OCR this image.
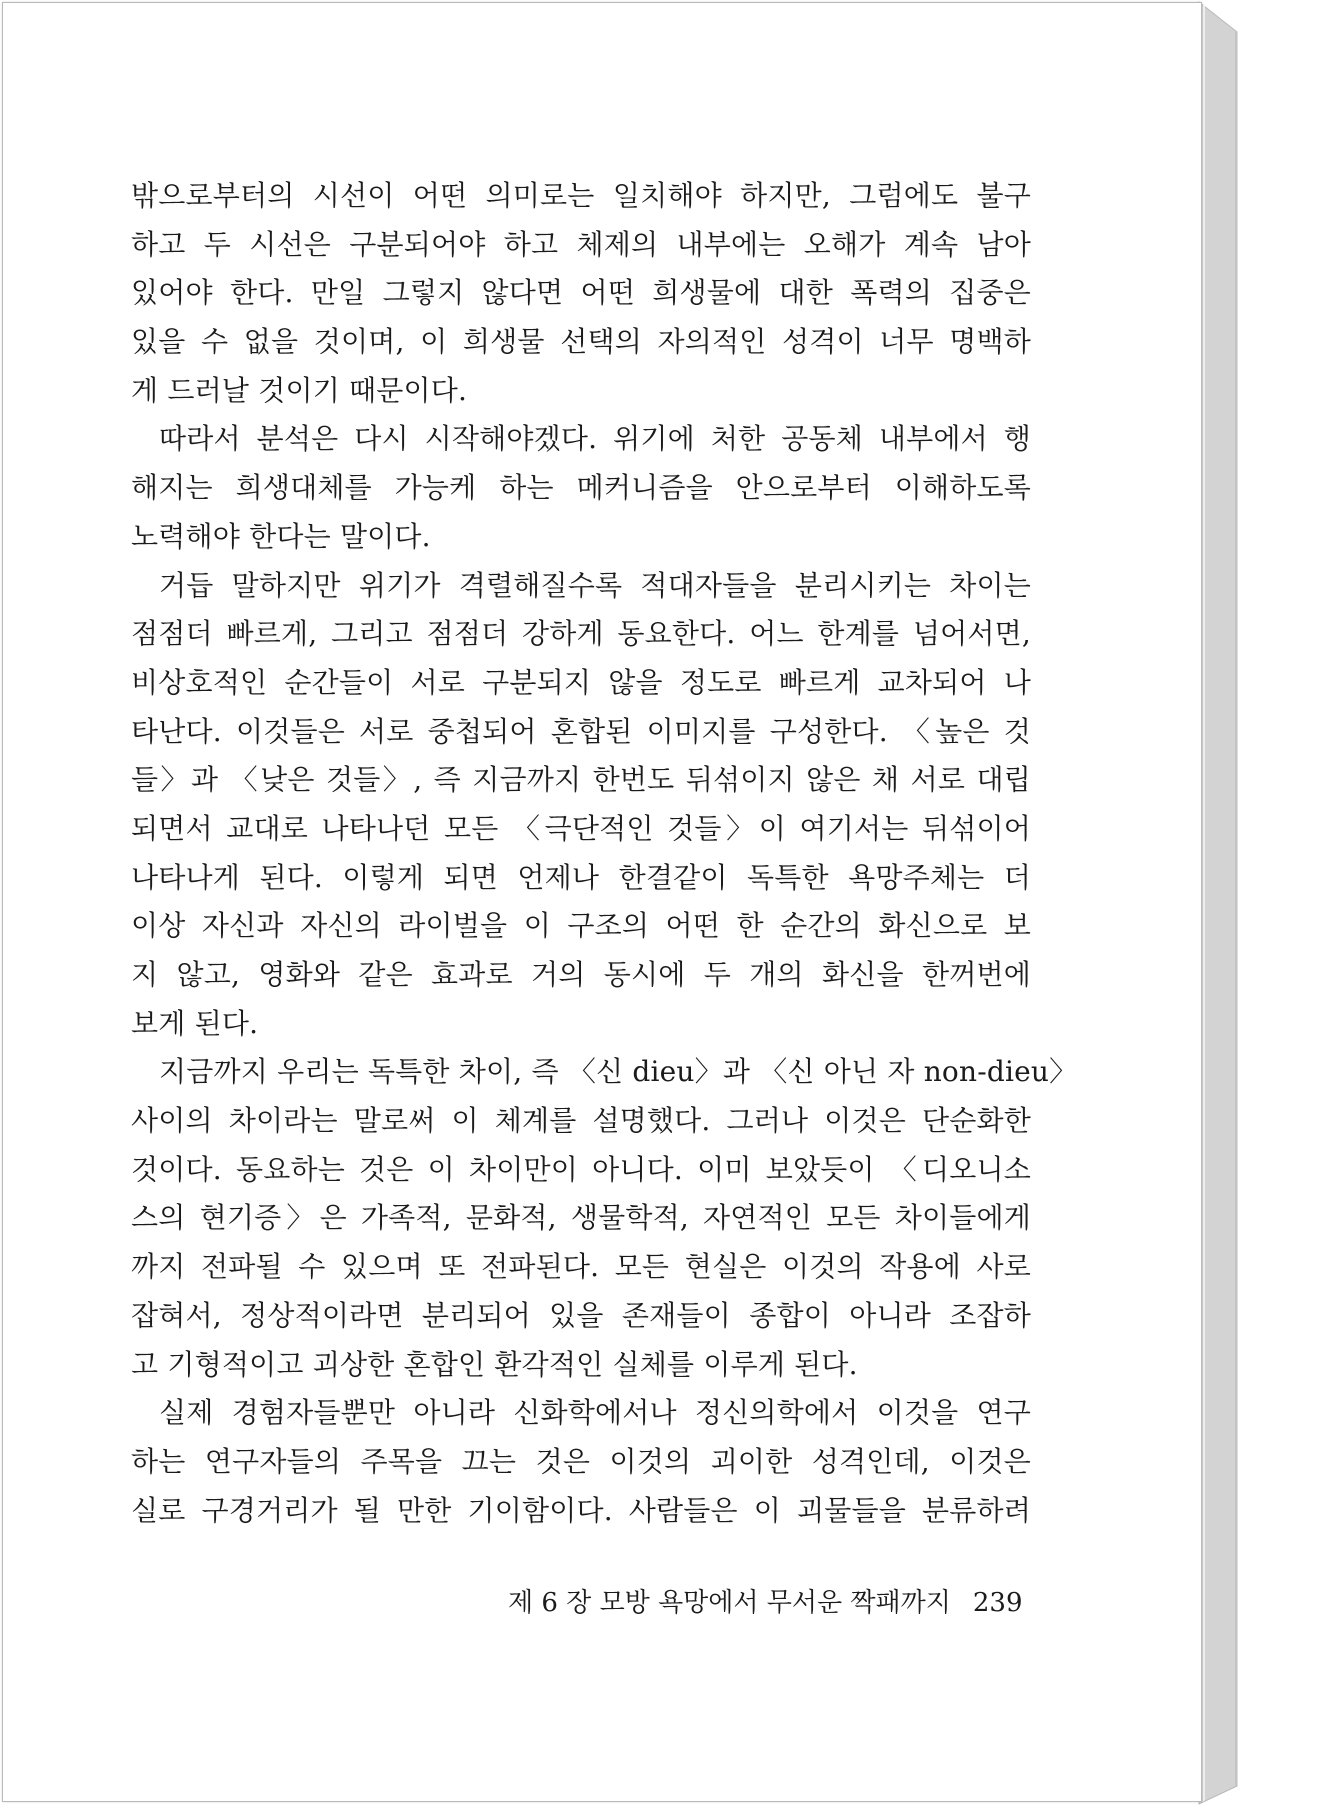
밖으로부터의 시선이 어떤 의미로는 일치해야 하지만, 그럼에도 불구
하고 두 시선은 구분되어야 하고 체제의 내부에는 오해가 계속 남아
있어야 한다. 만일 그렇지 않다면 어떤 희생물에 대한 폭력의 집중은
있을 수 없을 것이며, 이 희생물 선택의 자의적인 성격이 너무 명백하
게 드러날 것이기 때문이다.
따라서 분석은 다시 시작해야겠다. 위기에 처한 공동체 내부에서 행
해지는 희생대체를 가능케 하는 메커니즘을 안으로부터 이해하도록
노력해야 한다는 말이다.
거듭 말하지만 위기가 격렬해질수록 적대자들을 분리시키는 차이는
점점더 빠르게, 그리고 점점더 강하게 동요한다. 어느 한계를 넘어서면,
비상호적인 순간들이 서로 구분되지 않을 정도로 빠르게 교차되어 나
타난다. 이것들은 서로 중첩되어 혼합된 이미지를 구성한다. 〈높은 것
들〉과 〈낮은 것들〉, 즉 지금까지 한번도 뒤섞이지 않은 채 서로 대립
되면서 교대로 나타나던 모든 〈극단적인 것들〉이 여기서는 뒤섞이어
나타나게 된다. 이렇게 되면 언제나 한결같이 독특한 욕망주체는 더
이상 자신과 자신의 라이벌을 이 구조의 어떤 한 순간의 화신으로 보
지 않고, 영화와 같은 효과로 거의 동시에 두 개의 화신을 한꺼번에
보게 된다.
지금까지 우리는 독특한 차이, 즉 〈신 dieu〉과 〈신 아닌 자 non-dieu〉
사이의 차이라는 말로써 이 체계를 설명했다. 그러나 이것은 단순화한
것이다. 동요하는 것은 이 차이만이 아니다. 이미 보았듯이 〈디오니소
스의 현기증〉은 가족적, 문화적, 생물학적, 자연적인 모든 차이들에게
까지 전파될 수 있으며 또 전파된다. 모든 현실은 이것의 작용에 사로
잡혀서, 정상적이라면 분리되어 있을 존재들이 종합이 아니라 조잡하
고 기형적이고 괴상한 혼합인 환각적인 실체를 이루게 된다.
실제 경험자들뿐만 아니라 신화학에서나 정신의학에서 이것을 연구
하는 연구자들의 주목을 끄는 것은 이것의 괴이한 성격인데, 이것은
실로 구경거리가 될 만한 기이함이다. 사람들은 이 괴물들을 분류하려
제 6 장 모방 욕망에서 무서운 짝패까지 239
